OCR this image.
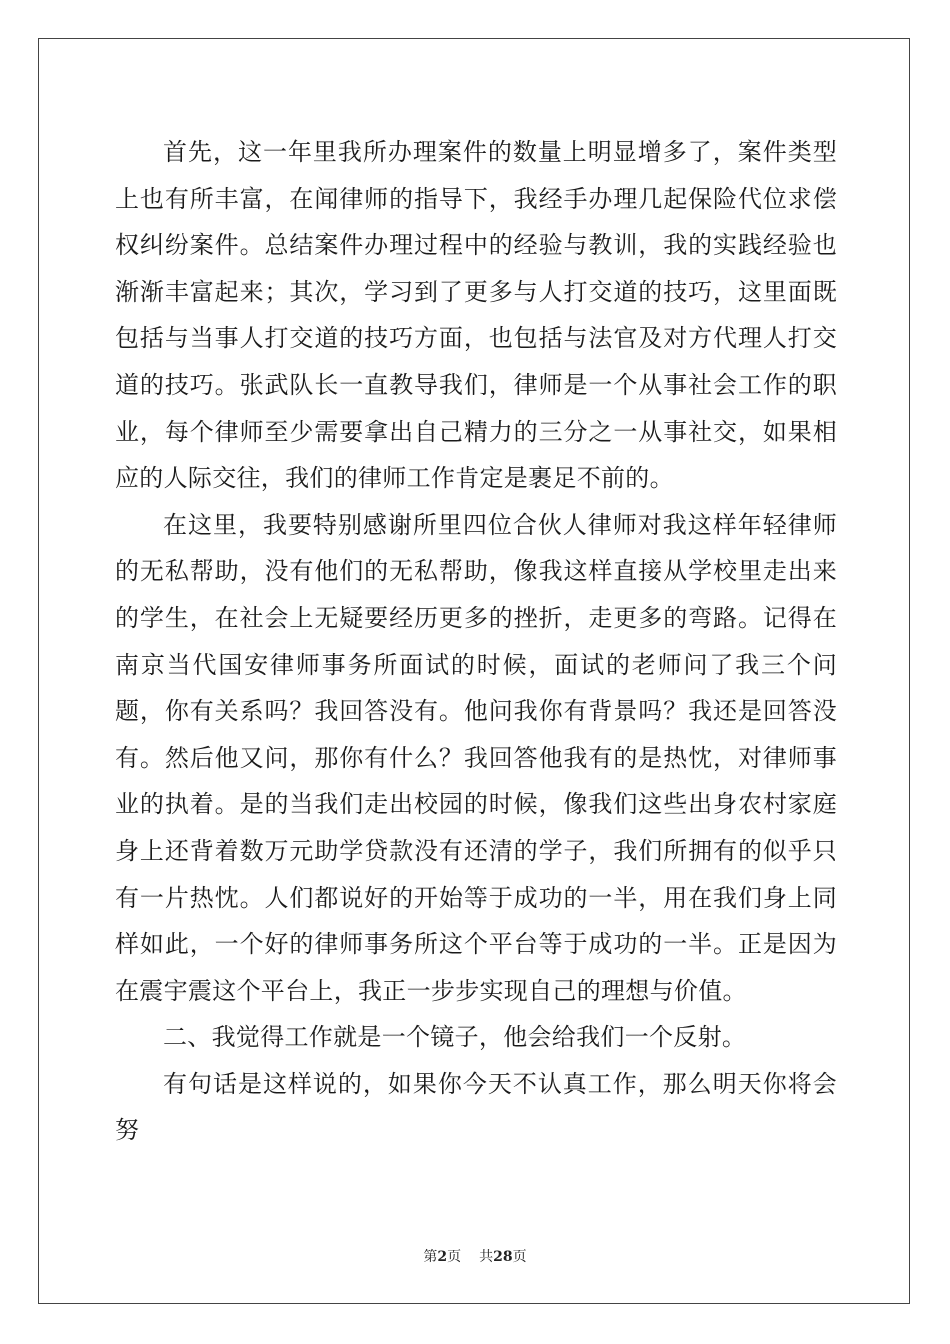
首先，这一年里我所办理案件的数量上明显增多了，案件类型上也有所丰富，在闻律师的指导下，我经手办理几起保险代位求偿权纠纷案件。总结案件办理过程中的经验与教训，我的实践经验也渐渐丰富起来；其次，学习到了更多与人打交道的技巧，这里面既包括与当事人打交道的技巧方面，也包括与法官及对方代理人打交道的技巧。张武队长一直教导我们，律师是一个从事社会工作的职业，每个律师至少需要拿出自己精力的三分之一从事社交，如果相应的人际交往，我们的律师工作肯定是裹足不前的。

在这里，我要特别感谢所里四位合伙人律师对我这样年轻律师的无私帮助，没有他们的无私帮助，像我这样直接从学校里走出来的学生，在社会上无疑要经历更多的挫折，走更多的弯路。记得在南京当代国安律师事务所面试的时候，面试的老师问了我三个问题，你有关系吗？我回答没有。他问我你有背景吗？我还是回答没有。然后他又问，那你有什么？我回答他我有的是热忱，对律师事业的执着。是的当我们走出校园的时候，像我们这些出身农村家庭身上还背着数万元助学贷款没有还清的学子，我们所拥有的似乎只有一片热忱。人们都说好的开始等于成功的一半，用在我们身上同样如此，一个好的律师事务所这个平台等于成功的一半。正是因为在震宇震这个平台上，我正一步步实现自己的理想与价值。

二、我觉得工作就是一个镜子，他会给我们一个反射。

有句话是这样说的，如果你今天不认真工作，那么明天你将会努

第2页 共28页
